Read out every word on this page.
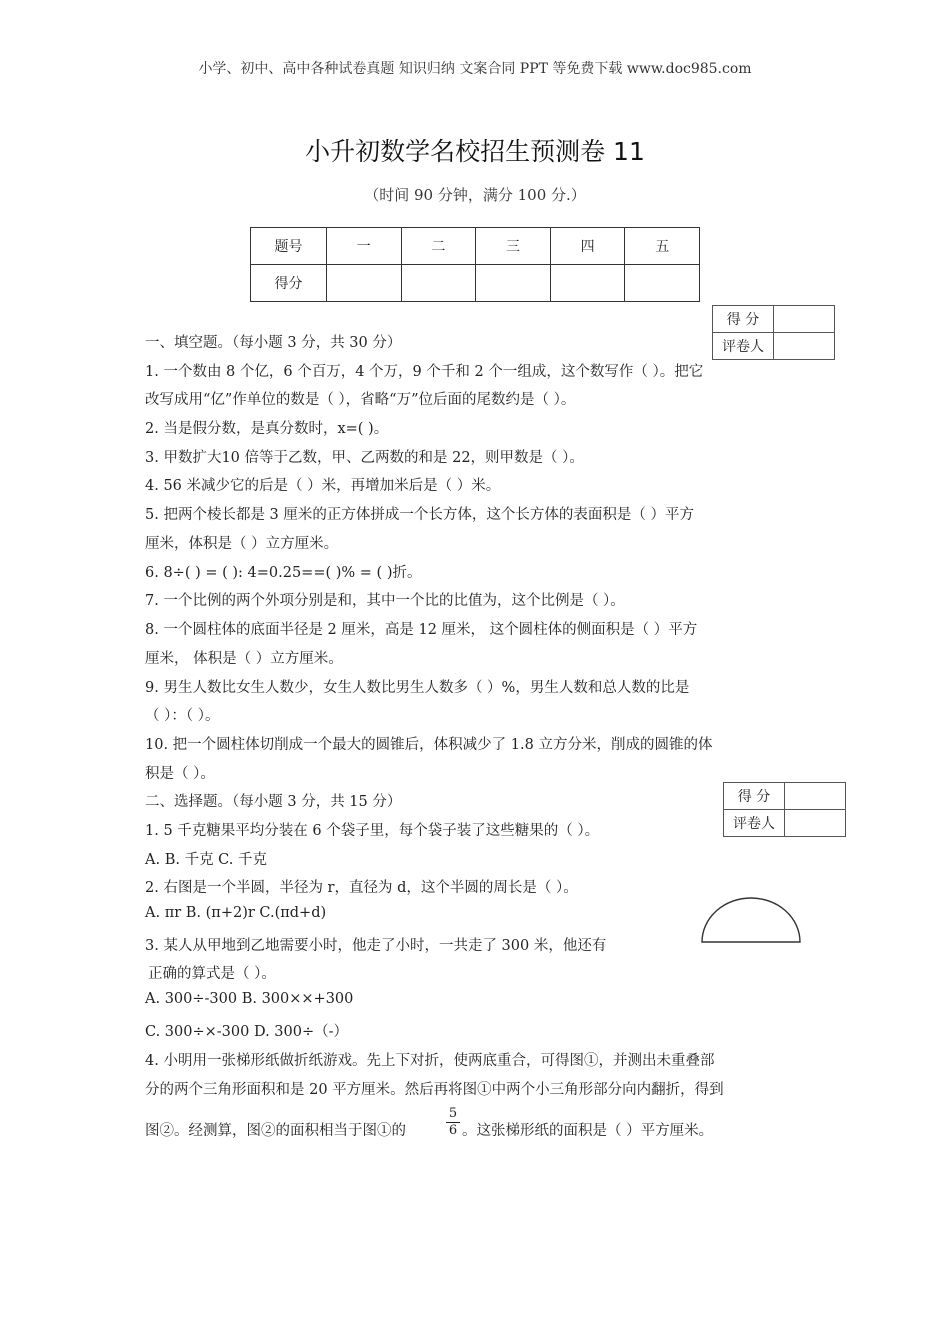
小学、初中、高中各种试卷真题 知识归纳 文案合同 PPT 等免费下载 www.doc985.com
小升初数学名校招生预测卷 11
（时间 90 分钟，满分 100 分.）
题号	一	二	三	四	五
得分					
得 分	
评卷人	
得 分	
评卷人	
一、填空题。（每小题 3 分，共 30 分）
1. 一个数由 8 个亿，6 个百万，4 个万，9 个千和 2 个一组成，这个数写作（ ）。把它
改写成用“亿”作单位的数是（ ），省略“万”位后面的尾数约是（ ）。
2. 当是假分数，是真分数时，x=( )。
3. 甲数扩大10 倍等于乙数，甲、乙两数的和是 22，则甲数是（ ）。
4. 56 米减少它的后是（ ）米，再增加米后是（ ）米。
5. 把两个棱长都是 3 厘米的正方体拼成一个长方体，这个长方体的表面积是（ ）平方
厘米，体积是（ ）立方厘米。
6. 8÷( ) = ( ): 4=0.25==( )% = ( )折。
7. 一个比例的两个外项分别是和，其中一个比的比值为，这个比例是（ ）。
8. 一个圆柱体的底面半径是 2 厘米，高是 12 厘米， 这个圆柱体的侧面积是（ ）平方
厘米， 体积是（ ）立方厘米。
9. 男生人数比女生人数少，女生人数比男生人数多（ ）%，男生人数和总人数的比是
（ ）：（ ）。
10. 把一个圆柱体切削成一个最大的圆锥后，体积减少了 1.8 立方分米，削成的圆锥的体
积是（ ）。
二、选择题。（每小题 3 分，共 15 分）
1. 5 千克糖果平均分装在 6 个袋子里，每个袋子装了这些糖果的（ ）。
A. B. 千克 C. 千克
2. 右图是一个半圆，半径为 r，直径为 d，这个半圆的周长是（ ）。
A. πr B. (π+2)r C.(πd+d)
3. 某人从甲地到乙地需要小时，他走了小时，一共走了 300 米，他还有
正确的算式是（ ）。
A. 300÷-300 B. 300××+300
C. 300÷×-300 D. 300÷（-）
4. 小明用一张梯形纸做折纸游戏。先上下对折，使两底重合，可得图①，并测出未重叠部
分的两个三角形面积和是 20 平方厘米。然后再将图①中两个小三角形部分向内翻折，得到
图②。经测算，图②的面积相当于图①的
5
6 。这张梯形纸的面积是（ ）平方厘米。
